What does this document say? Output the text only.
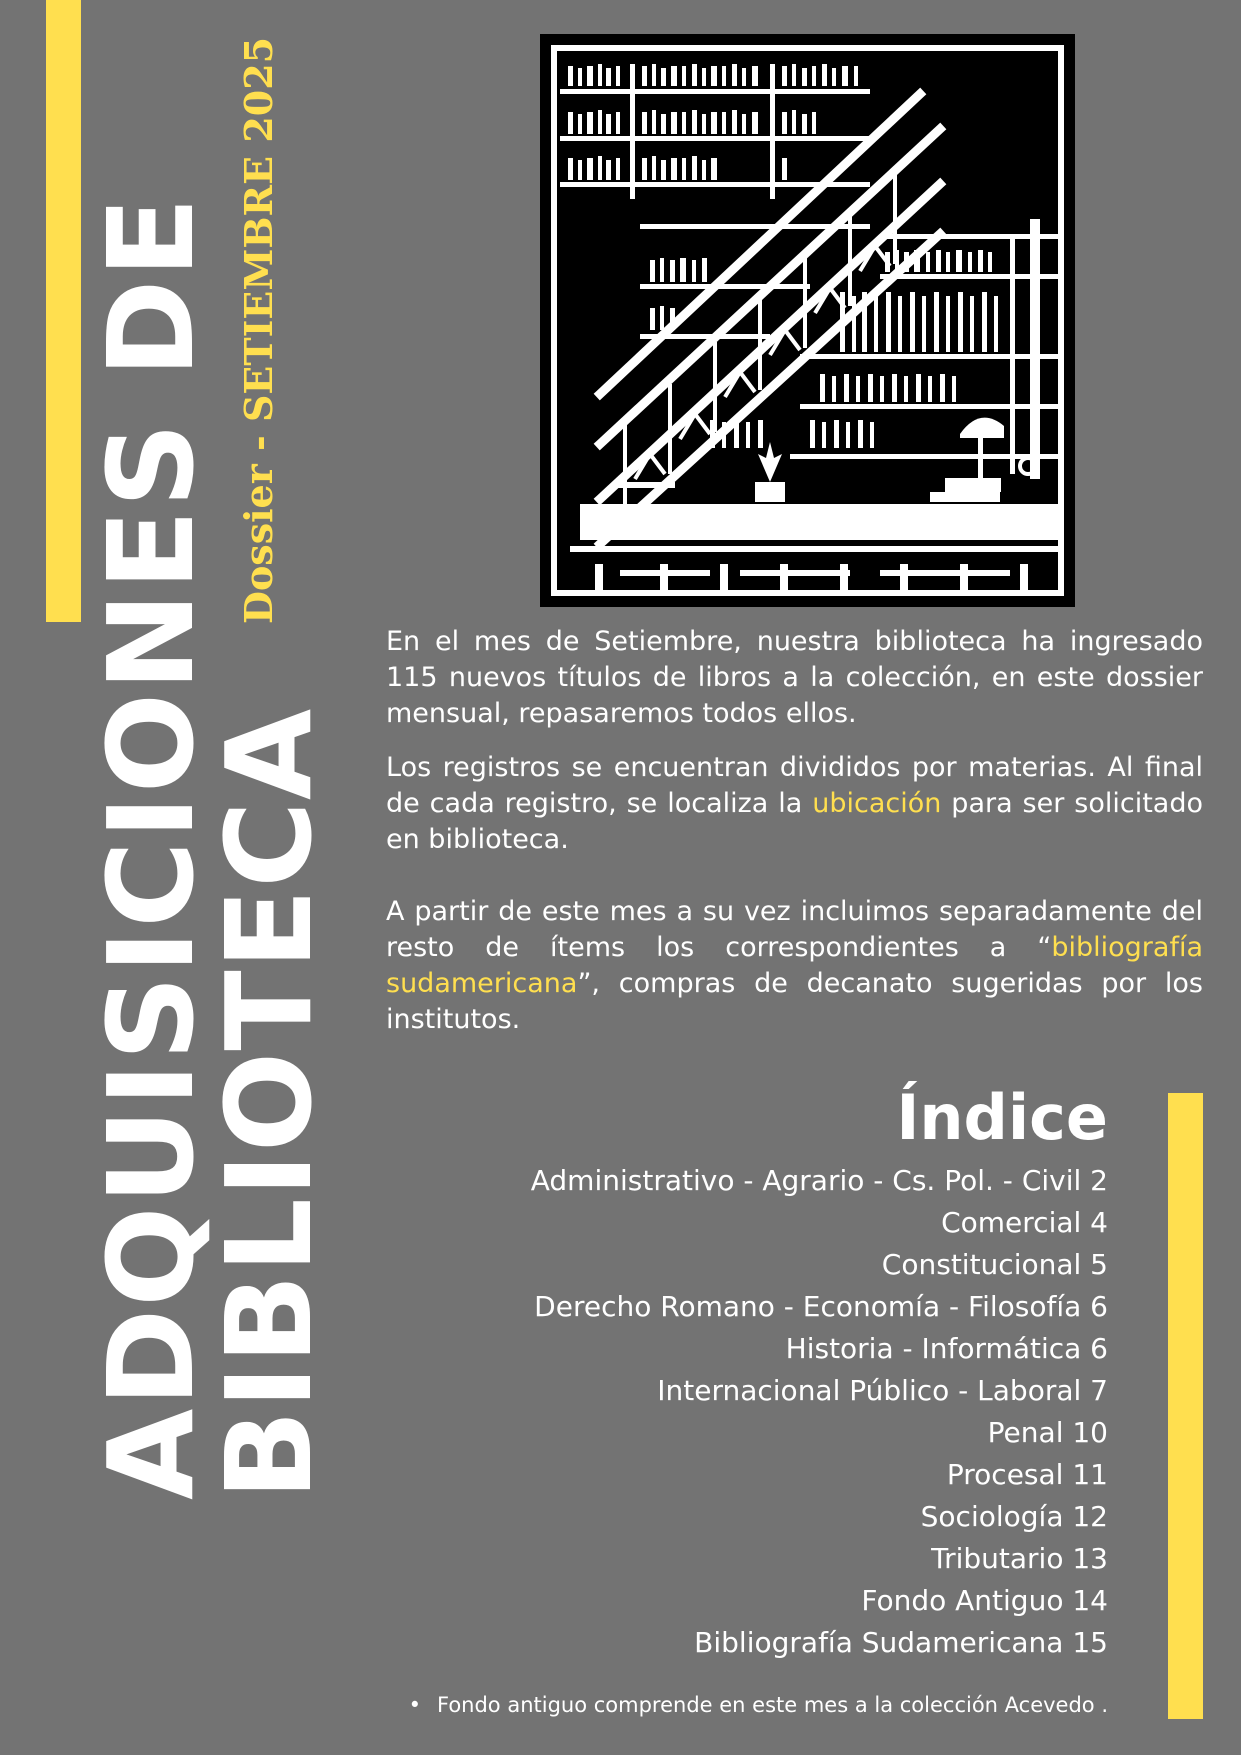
ADQUISICIONES DE
BIBLIOTECA
Dossier - SETIEMBRE 2025

En el mes de Setiembre, nuestra biblioteca ha ingresado 115 nuevos títulos de libros a la colección, en este dossier mensual, repasaremos todos ellos.

Los registros se encuentran divididos por materias. Al final de cada registro, se localiza la ubicación para ser solicitado en biblioteca.

A partir de este mes a su vez incluimos separadamente del resto de ítems los correspondientes a “bibliografía sudamericana”, compras de decanato sugeridas por los institutos.

Índice
Administrativo - Agrario - Cs. Pol. - Civil 2
Comercial 4
Constitucional 5
Derecho Romano - Economía - Filosofía 6
Historia - Informática 6
Internacional Público - Laboral 7
Penal 10
Procesal 11
Sociología 12
Tributario 13
Fondo Antiguo 14
Bibliografía Sudamericana 15
• Fondo antiguo comprende en este mes a la colección Acevedo .
